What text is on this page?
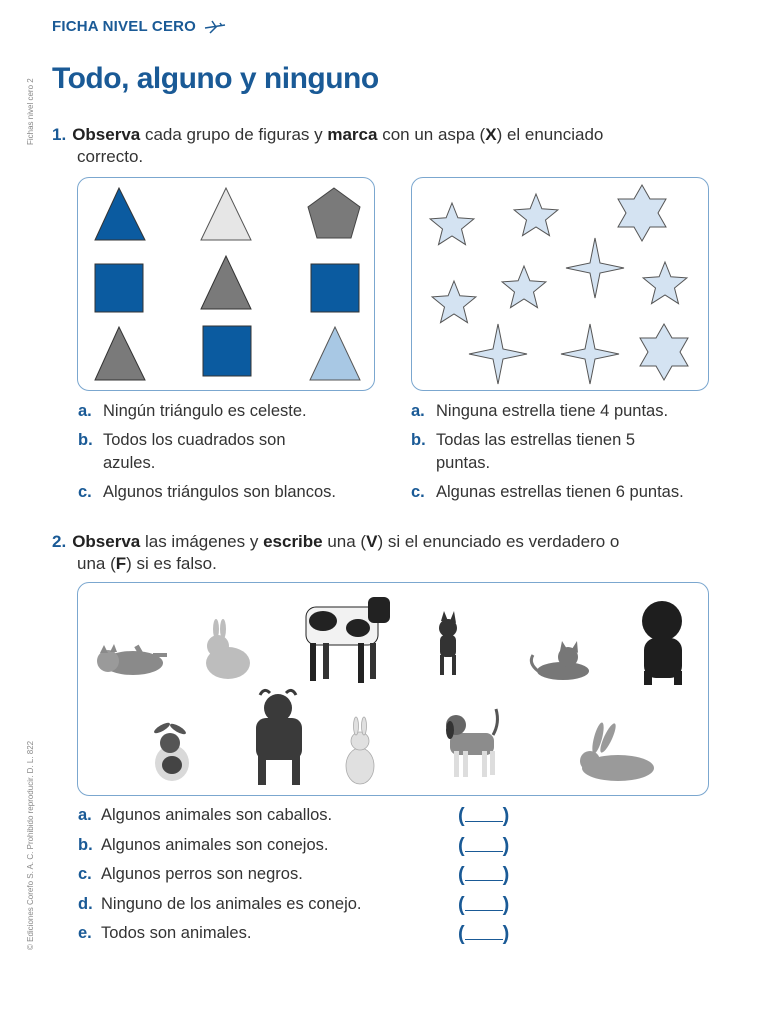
FICHA NIVEL CERO
Fichas nivel cero 2
© Ediciones Corefo S. A. C. Prohibido reproducir. D. L. 822
Todo, alguno y ninguno
1. Observa cada grupo de figuras y marca con un aspa (X) el enunciado
correcto.
a. Ningún triángulo es celeste.
b. Todos los cuadrados son azules.
c. Algunos triángulos son blancos.
a. Ninguna estrella tiene 4 puntas.
b. Todas las estrellas tienen 5 puntas.
c. Algunas estrellas tienen 6 puntas.
2. Observa las imágenes y escribe una (V) si el enunciado es verdadero o
una (F) si es falso.
a. Algunos animales son caballos.	( )
b. Algunos animales son conejos.	( )
c. Algunos perros son negros.	( )
d. Ninguno de los animales es conejo.	( )
e. Todos son animales.	( )
